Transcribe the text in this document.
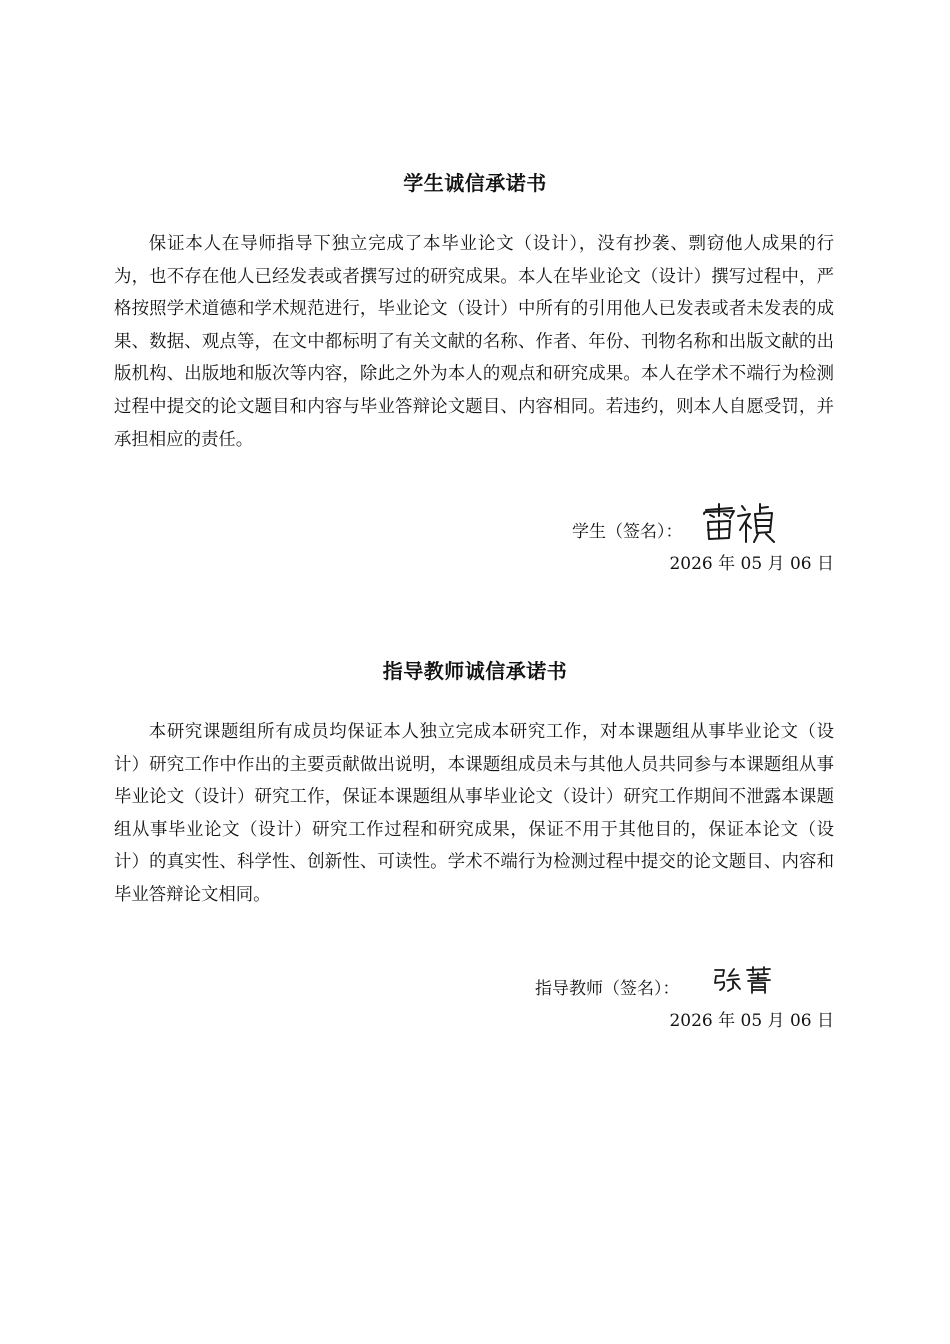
学生诚信承诺书

保证本人在导师指导下独立完成了本毕业论文（设计），没有抄袭、剽窃他人成果的行为，也不存在他人已经发表或者撰写过的研究成果。本人在毕业论文（设计）撰写过程中，严格按照学术道德和学术规范进行，毕业论文（设计）中所有的引用他人已发表或者未发表的成果、数据、观点等，在文中都标明了有关文献的名称、作者、年份、刊物名称和出版文献的出版机构、出版地和版次等内容，除此之外为本人的观点和研究成果。本人在学术不端行为检测过程中提交的论文题目和内容与毕业答辩论文题目、内容相同。若违约，则本人自愿受罚，并承担相应的责任。

学生（签名）：
2026 年 05 月 06 日
指导教师诚信承诺书

本研究课题组所有成员均保证本人独立完成本研究工作，对本课题组从事毕业论文（设计）研究工作中作出的主要贡献做出说明，本课题组成员未与其他人员共同参与本课题组从事毕业论文（设计）研究工作，保证本课题组从事毕业论文（设计）研究工作期间不泄露本课题组从事毕业论文（设计）研究工作过程和研究成果，保证不用于其他目的，保证本论文（设计）的真实性、科学性、创新性、可读性。学术不端行为检测过程中提交的论文题目、内容和毕业答辩论文相同。

指导教师（签名）：
2026 年 05 月 06 日
